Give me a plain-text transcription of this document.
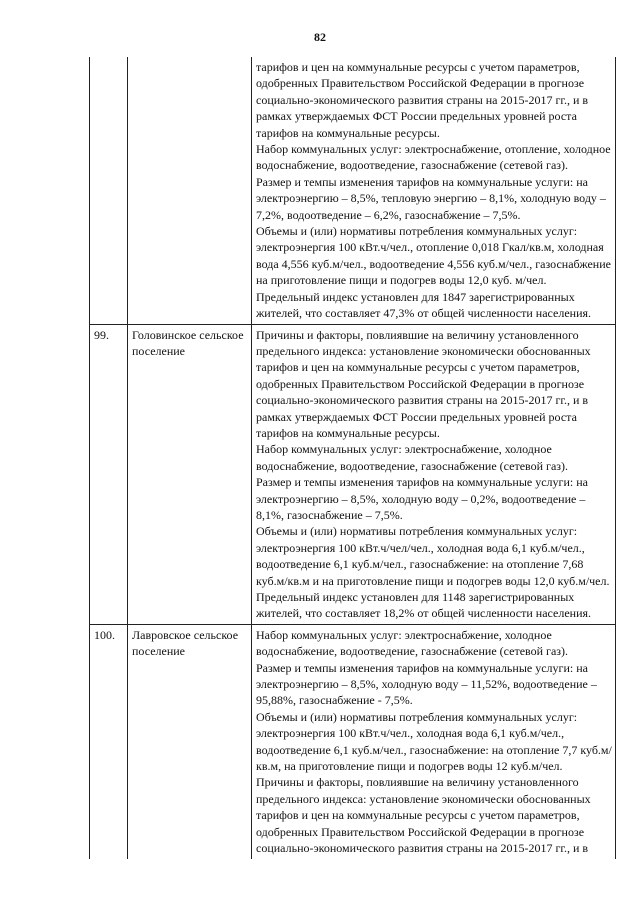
82

		тарифов и цен на коммунальные ресурсы с учетом параметров, одобренных Правительством Российской Федерации в прогнозе социально-экономического развития страны на 2015-2017 гг., и в рамках утверждаемых ФСТ России предельных уровней роста тарифов на коммунальные ресурсы.
Набор коммунальных услуг: электроснабжение, отопление, холодное водоснабжение, водоотведение, газоснабжение (сетевой газ).
Размер и темпы изменения тарифов на коммунальные услуги: на электроэнергию – 8,5%, тепловую энергию – 8,1%, холодную воду – 7,2%, водоотведение – 6,2%, газоснабжение – 7,5%.
Объемы и (или) нормативы потребления коммунальных услуг: электроэнергия 100 кВт.ч/чел., отопление 0,018 Гкал/кв.м, холодная вода 4,556 куб.м/чел., водоотведение 4,556 куб.м/чел., газоснабжение на приготовление пищи и подогрев воды 12,0 куб. м/чел.
Предельный индекс установлен для 1847 зарегистрированных жителей, что составляет 47,3% от общей численности населения.

99.	Головинское сельское поселение	Причины и факторы, повлиявшие на величину установленного предельного индекса: установление экономически обоснованных тарифов и цен на коммунальные ресурсы с учетом параметров, одобренных Правительством Российской Федерации в прогнозе социально-экономического развития страны на 2015-2017 гг., и в рамках утверждаемых ФСТ России предельных уровней роста тарифов на коммунальные ресурсы.
Набор коммунальных услуг: электроснабжение, холодное водоснабжение, водоотведение, газоснабжение (сетевой газ).
Размер и темпы изменения тарифов на коммунальные услуги: на электроэнергию – 8,5%, холодную воду – 0,2%, водоотведение – 8,1%, газоснабжение – 7,5%.
Объемы и (или) нормативы потребления коммунальных услуг: электроэнергия 100 кВт.ч/чел/чел., холодная вода 6,1 куб.м/чел., водоотведение 6,1 куб.м/чел., газоснабжение: на отопление 7,68 куб.м/кв.м и на приготовление пищи и подогрев воды 12,0 куб.м/чел.
Предельный индекс установлен для 1148 зарегистрированных жителей, что составляет 18,2% от общей численности населения.

100.	Лавровское сельское поселение	Набор коммунальных услуг: электроснабжение, холодное водоснабжение, водоотведение, газоснабжение (сетевой газ).
Размер и темпы изменения тарифов на коммунальные услуги: на электроэнергию – 8,5%, холодную воду – 11,52%, водоотведение – 95,88%, газоснабжение - 7,5%.
Объемы и (или) нормативы потребления коммунальных услуг: электроэнергия 100 кВт.ч/чел., холодная вода 6,1 куб.м/чел., водоотведение 6,1 куб.м/чел., газоснабжение: на отопление 7,7 куб.м/кв.м, на приготовление пищи и подогрев воды 12 куб.м/чел.
Причины и факторы, повлиявшие на величину установленного предельного индекса: установление экономически обоснованных тарифов и цен на коммунальные ресурсы с учетом параметров, одобренных Правительством Российской Федерации в прогнозе социально-экономического развития страны на 2015-2017 гг., и в
